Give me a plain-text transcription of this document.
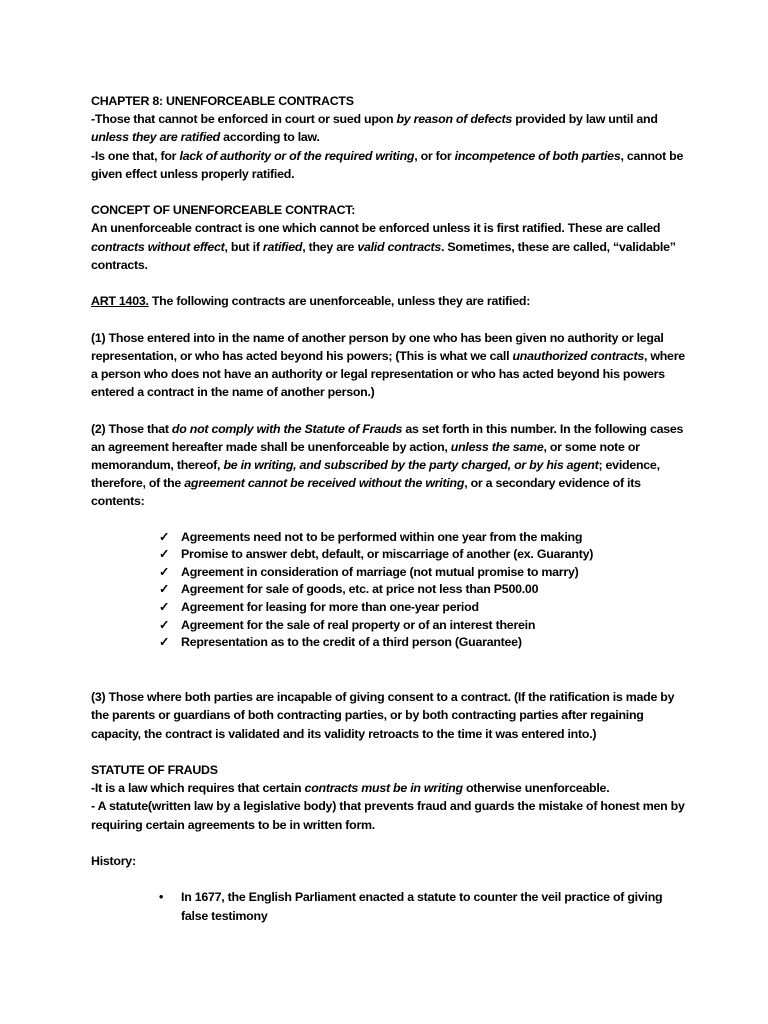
CHAPTER 8: UNENFORCEABLE CONTRACTS

-Those that cannot be enforced in court or sued upon by reason of defects provided by law until and unless they are ratified according to law.

-Is one that, for lack of authority or of the required writing, or for incompetence of both parties, cannot be given effect unless properly ratified.

CONCEPT OF UNENFORCEABLE CONTRACT:

An unenforceable contract is one which cannot be enforced unless it is first ratified. These are called contracts without effect, but if ratified, they are valid contracts. Sometimes, these are called, “validable” contracts.

ART 1403. The following contracts are unenforceable, unless they are ratified:

(1) Those entered into in the name of another person by one who has been given no authority or legal representation, or who has acted beyond his powers; (This is what we call unauthorized contracts, where a person who does not have an authority or legal representation or who has acted beyond his powers entered a contract in the name of another person.)

(2) Those that do not comply with the Statute of Frauds as set forth in this number. In the following cases an agreement hereafter made shall be unenforceable by action, unless the same, or some note or memorandum, thereof, be in writing, and subscribed by the party charged, or by his agent; evidence, therefore, of the agreement cannot be received without the writing, or a secondary evidence of its contents:

✓ Agreements need not to be performed within one year from the making
✓ Promise to answer debt, default, or miscarriage of another (ex. Guaranty)
✓ Agreement in consideration of marriage (not mutual promise to marry)
✓ Agreement for sale of goods, etc. at price not less than P500.00
✓ Agreement for leasing for more than one-year period
✓ Agreement for the sale of real property or of an interest therein
✓ Representation as to the credit of a third person (Guarantee)

(3) Those where both parties are incapable of giving consent to a contract. (If the ratification is made by the parents or guardians of both contracting parties, or by both contracting parties after regaining capacity, the contract is validated and its validity retroacts to the time it was entered into.)

STATUTE OF FRAUDS

-It is a law which requires that certain contracts must be in writing otherwise unenforceable.

- A statute(written law by a legislative body) that prevents fraud and guards the mistake of honest men by requiring certain agreements to be in written form.

History:

• In 1677, the English Parliament enacted a statute to counter the veil practice of giving false testimony
